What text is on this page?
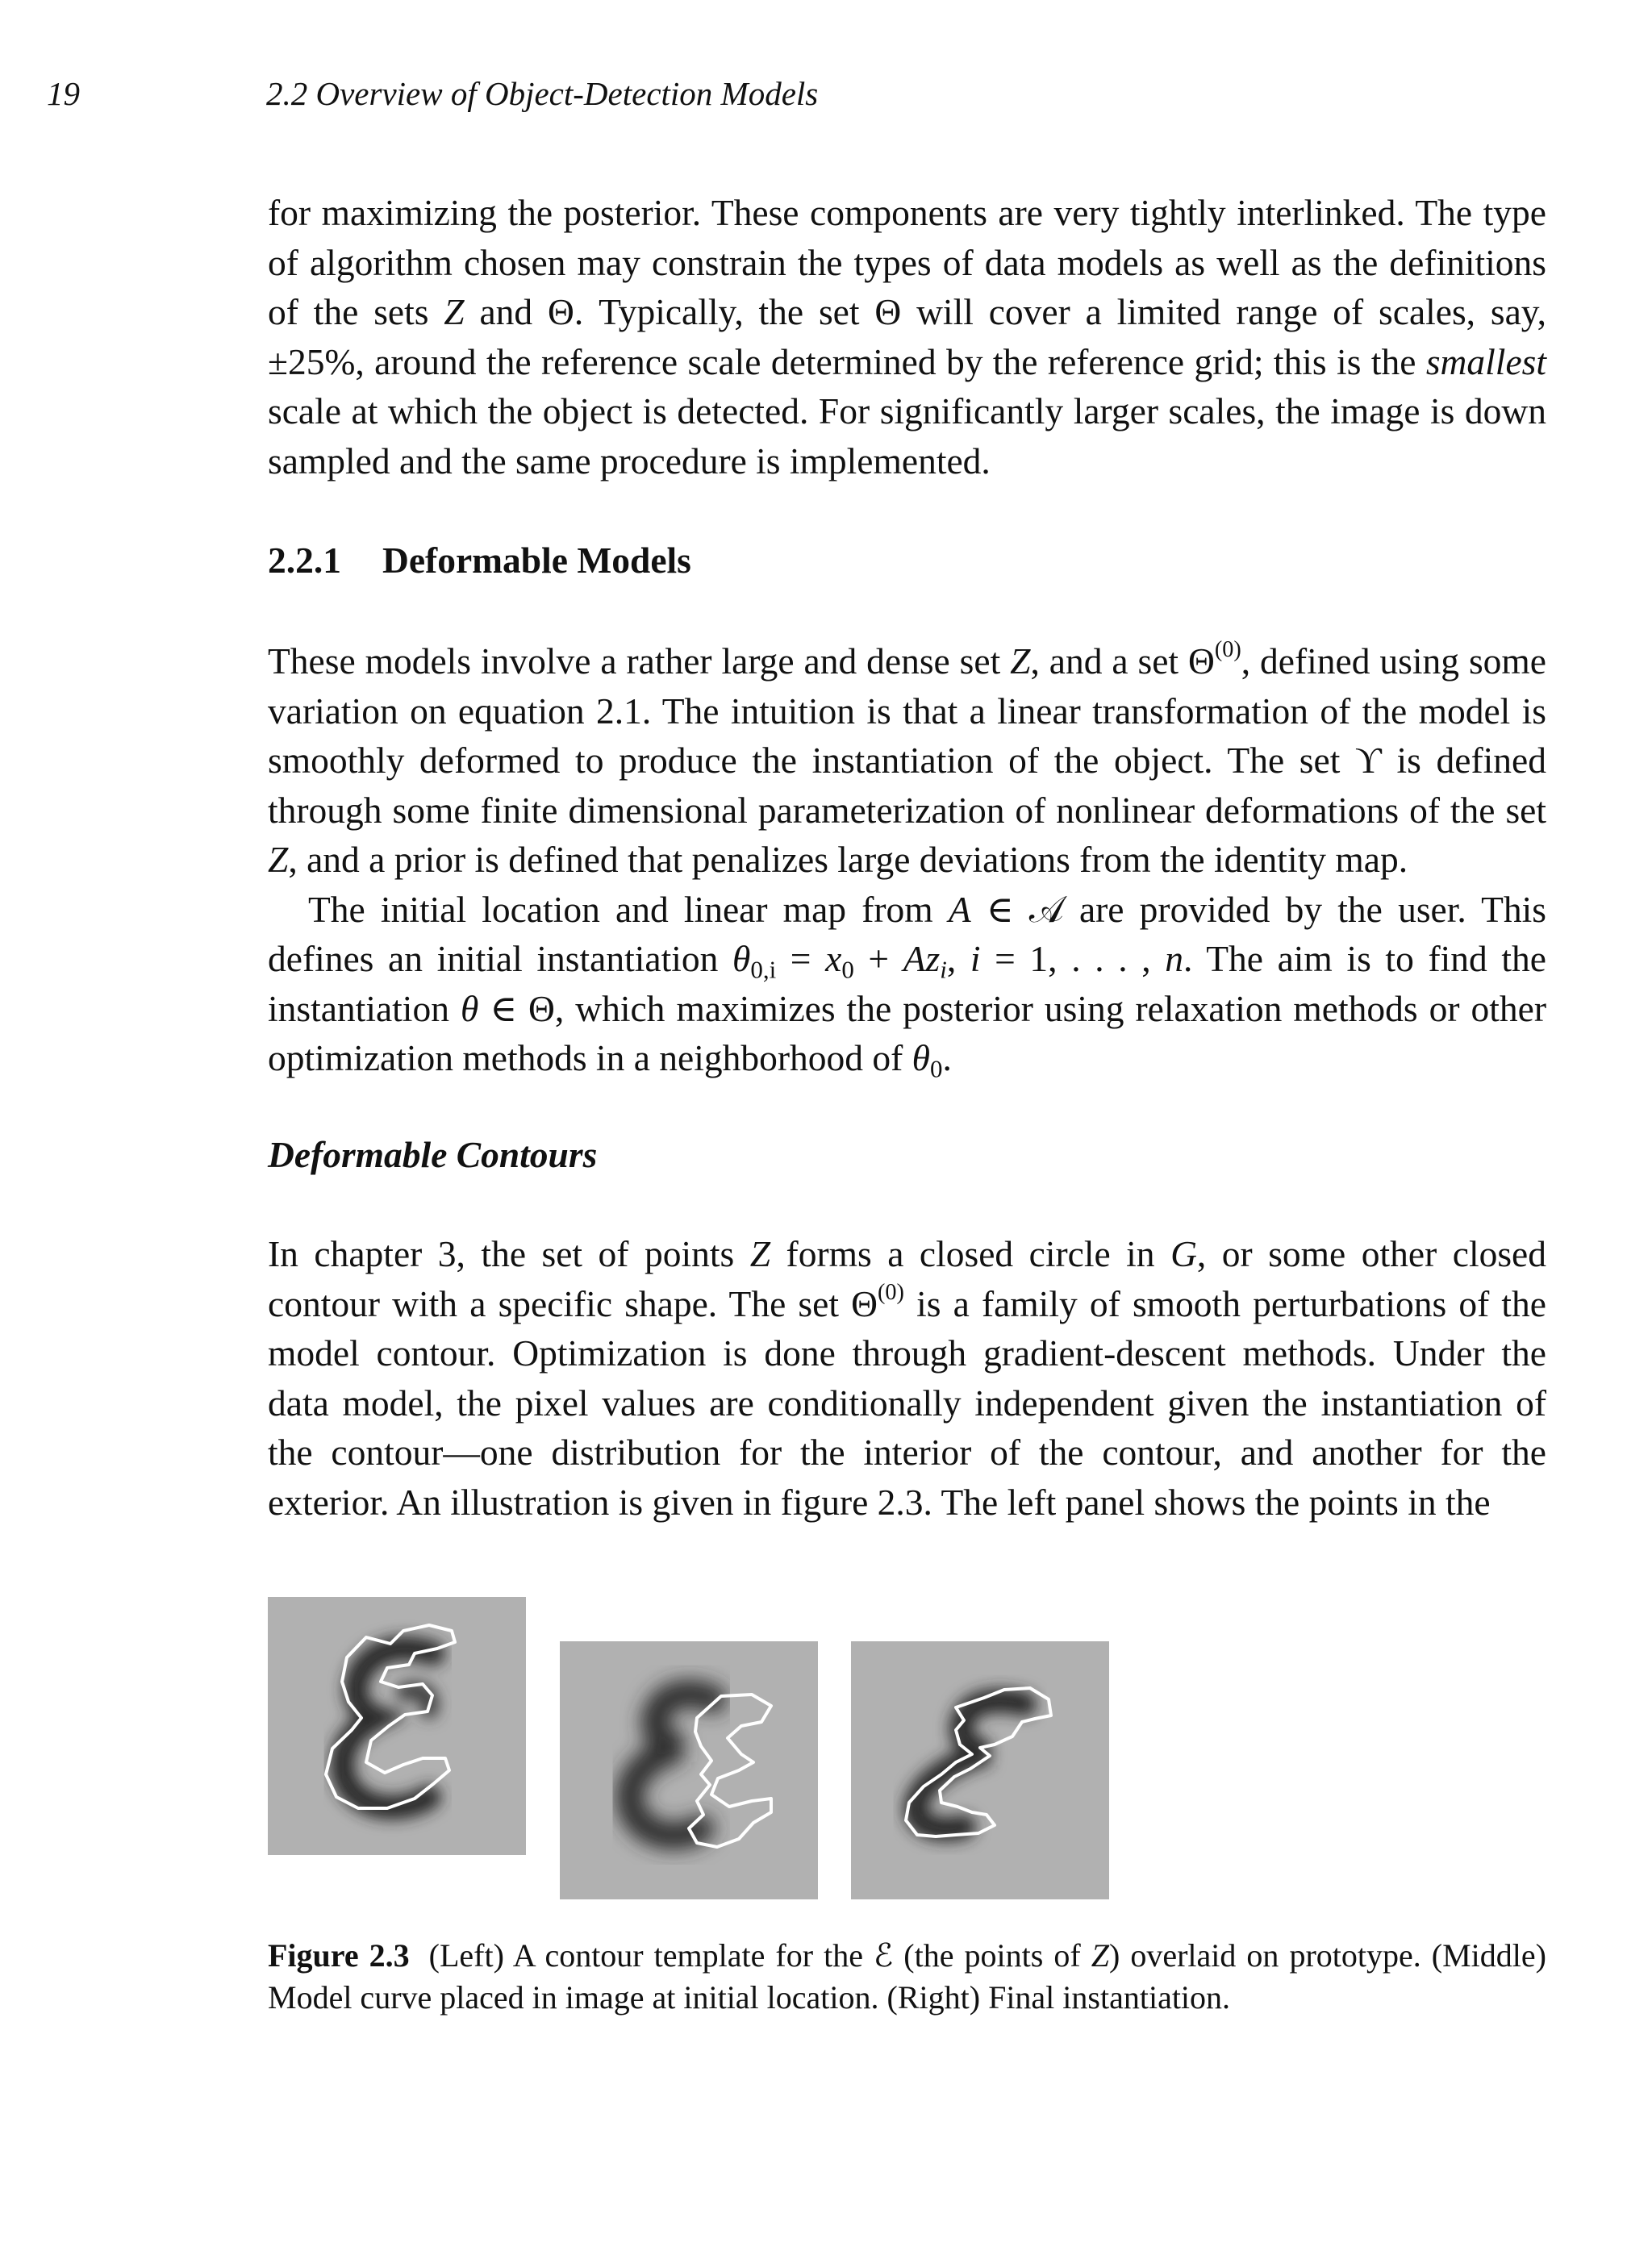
19	2.2 Overview of Object-Detection Models
for maximizing the posterior. These components are very tightly interlinked. The type of algorithm chosen may constrain the types of data models as well as the definitions of the sets Z and Θ. Typically, the set Θ will cover a limited range of scales, say, ±25%, around the reference scale determined by the reference grid; this is the smallest scale at which the object is detected. For significantly larger scales, the image is down sampled and the same procedure is implemented.
2.2.1 Deformable Models
These models involve a rather large and dense set Z, and a set $\Theta^{(0)}$, defined using some variation on equation 2.1. The intuition is that a linear transformation of the model is smoothly deformed to produce the instantiation of the object. The set ϒ is defined through some finite dimensional parameterization of nonlinear deformations of the set Z, and a prior is defined that penalizes large deviations from the identity map.
The initial location and linear map from A ∈ 𝒜 are provided by the user. This defines an initial instantiation $\theta_{0,i} = x_0 + Az_i$, i = 1, . . . , n. The aim is to find the instantiation θ ∈ Θ, which maximizes the posterior using relaxation methods or other optimization methods in a neighborhood of $\theta_0$.
Deformable Contours
In chapter 3, the set of points Z forms a closed circle in G, or some other closed contour with a specific shape. The set $\Theta^{(0)}$ is a family of smooth perturbations of the model contour. Optimization is done through gradient-descent methods. Under the data model, the pixel values are conditionally independent given the instantiation of the contour—one distribution for the interior of the contour, and another for the exterior. An illustration is given in figure 2.3. The left panel shows the points in the
Figure 2.3 (Left) A contour template for the ℰ (the points of Z) overlaid on prototype. (Middle) Model curve placed in image at initial location. (Right) Final instantiation.
